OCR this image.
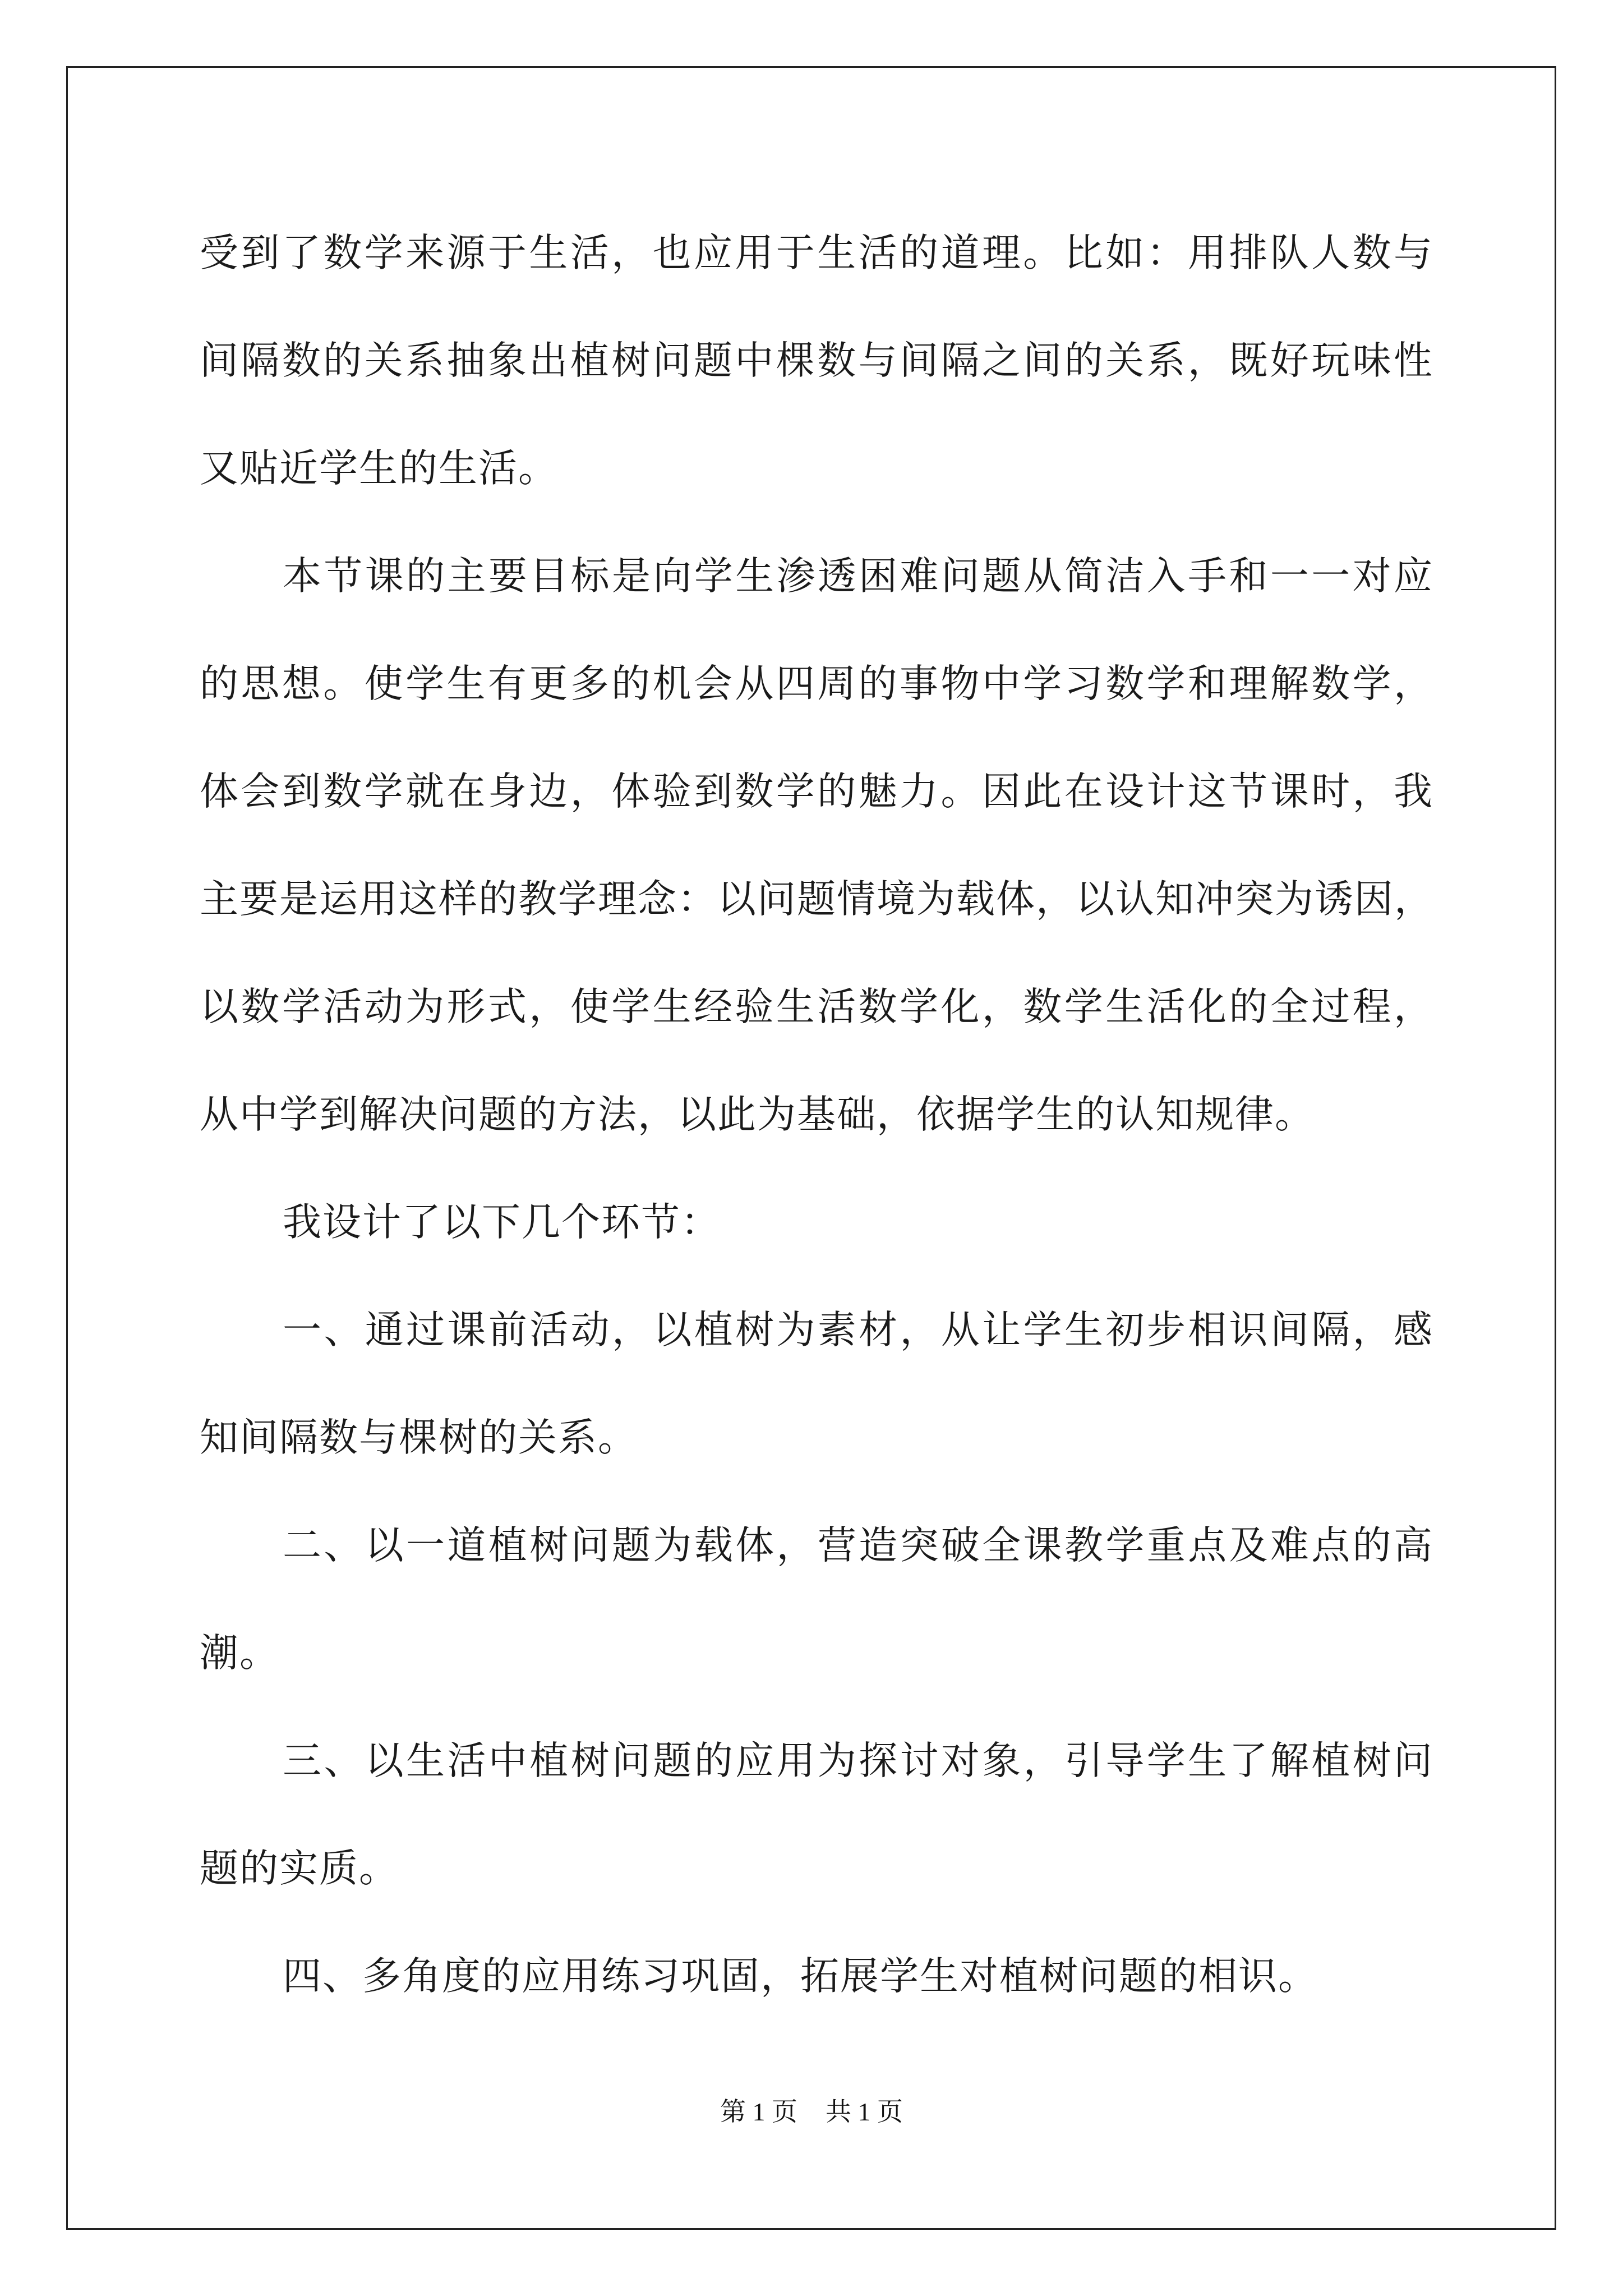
受到了数学来源于生活，也应用于生活的道理。比如：用排队人数与
间隔数的关系抽象出植树问题中棵数与间隔之间的关系，既好玩味性
又贴近学生的生活。
本节课的主要目标是向学生渗透困难问题从简洁入手和一一对应
的思想。使学生有更多的机会从四周的事物中学习数学和理解数学，
体会到数学就在身边，体验到数学的魅力。因此在设计这节课时，我
主要是运用这样的教学理念：以问题情境为载体，以认知冲突为诱因，
以数学活动为形式，使学生经验生活数学化，数学生活化的全过程，
从中学到解决问题的方法，以此为基础，依据学生的认知规律。
我设计了以下几个环节：
一、通过课前活动，以植树为素材，从让学生初步相识间隔，感
知间隔数与棵树的关系。
二、以一道植树问题为载体，营造突破全课教学重点及难点的高
潮。
三、以生活中植树问题的应用为探讨对象，引导学生了解植树问
题的实质。
四、多角度的应用练习巩固，拓展学生对植树问题的相识。
第 1 页 共 1 页
